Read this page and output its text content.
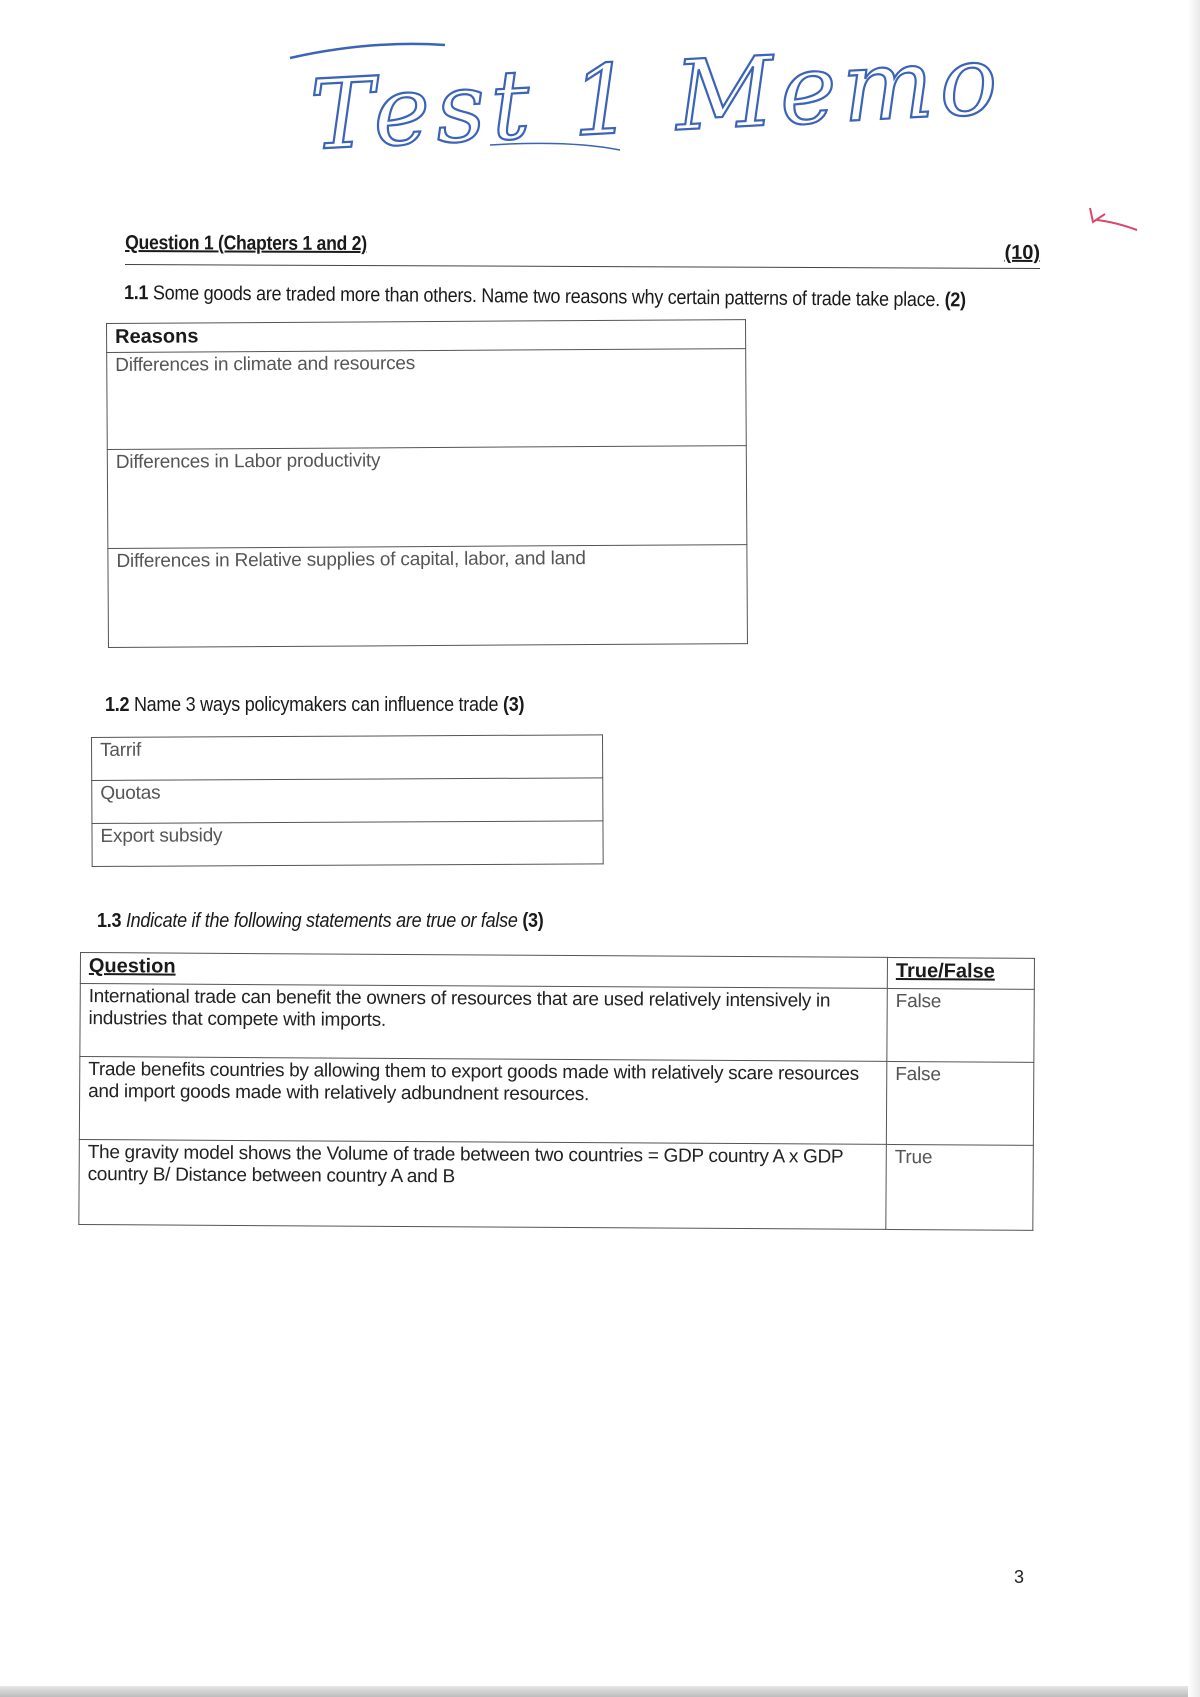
Test 1 Memo
Question 1 (Chapters 1 and 2)	(10)
1.1 Some goods are traded more than others. Name two reasons why certain patterns of trade take place. (2)
Reasons
Differences in climate and resources
Differences in Labor productivity
Differences in Relative supplies of capital, labor, and land
1.2 Name 3 ways policymakers can influence trade (3)
Tarrif
Quotas
Export subsidy
1.3 Indicate if the following statements are true or false (3)
Question	True/False
International trade can benefit the owners of resources that are used relatively intensively in industries that compete with imports.	False
Trade benefits countries by allowing them to export goods made with relatively scare resources and import goods made with relatively adbundnent resources.	False
The gravity model shows the Volume of trade between two countries = GDP country A x GDP country B/ Distance between country A and B	True
3
